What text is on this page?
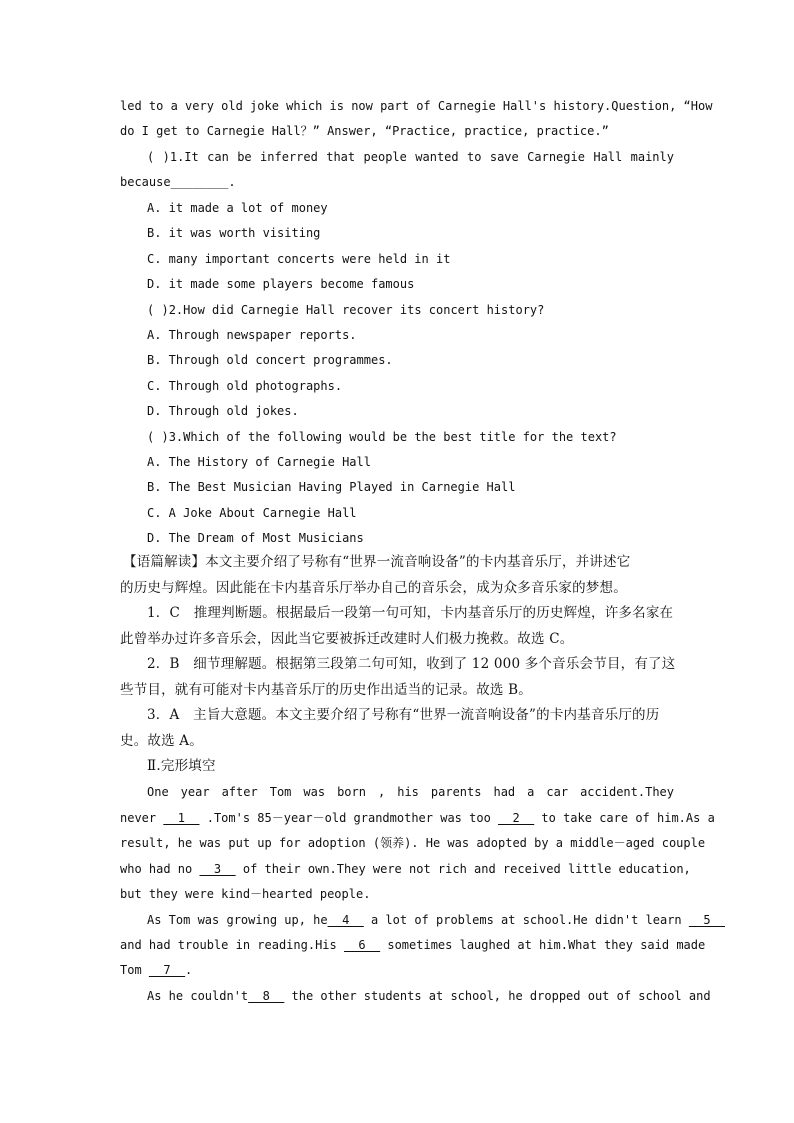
led to a very old joke which is now part of Carnegie Hall's history.Question, “How
do I get to Carnegie Hall？” Answer, “Practice, practice, practice.”
( )1.It can be inferred that people wanted to save Carnegie Hall mainly
because________.
A. it made a lot of money
B. it was worth visiting
C. many important concerts were held in it
D. it made some players become famous
( )2.How did Carnegie Hall recover its concert history?
A. Through newspaper reports.
B. Through old concert programmes.
C. Through old photographs.
D. Through old jokes.
( )3.Which of the following would be the best title for the text?
A. The History of Carnegie Hall
B. The Best Musician Having Played in Carnegie Hall
C. A Joke About Carnegie Hall
D. The Dream of Most Musicians
【语篇解读】本文主要介绍了号称有“世界一流音响设备”的卡内基音乐厅，并讲述它
的历史与辉煌。因此能在卡内基音乐厅举办自己的音乐会，成为众多音乐家的梦想。
1．C　推理判断题。根据最后一段第一句可知，卡内基音乐厅的历史辉煌，许多名家在
此曾举办过许多音乐会，因此当它要被拆迁改建时人们极力挽救。故选 C。
2．B　细节理解题。根据第三段第二句可知，收到了 12 000 多个音乐会节目，有了这
些节目，就有可能对卡内基音乐厅的历史作出适当的记录。故选 B。
3．A　主旨大意题。本文主要介绍了号称有“世界一流音响设备”的卡内基音乐厅的历
史。故选 A。
Ⅱ.完形填空
One year after Tom was born , his parents had a car accident.They
never __1__ .Tom's 85－year－old grandmother was too __2__ to take care of him.As a
result, he was put up for adoption (领养). He was adopted by a middle－aged couple
who had no __3__ of their own.They were not rich and received little education,
but they were kind－hearted people.
As Tom was growing up, he__4__ a lot of problems at school.He didn't learn __5__
and had trouble in reading.His __6__ sometimes laughed at him.What they said made
Tom __7__.
As he couldn't__8__ the other students at school, he dropped out of school and
